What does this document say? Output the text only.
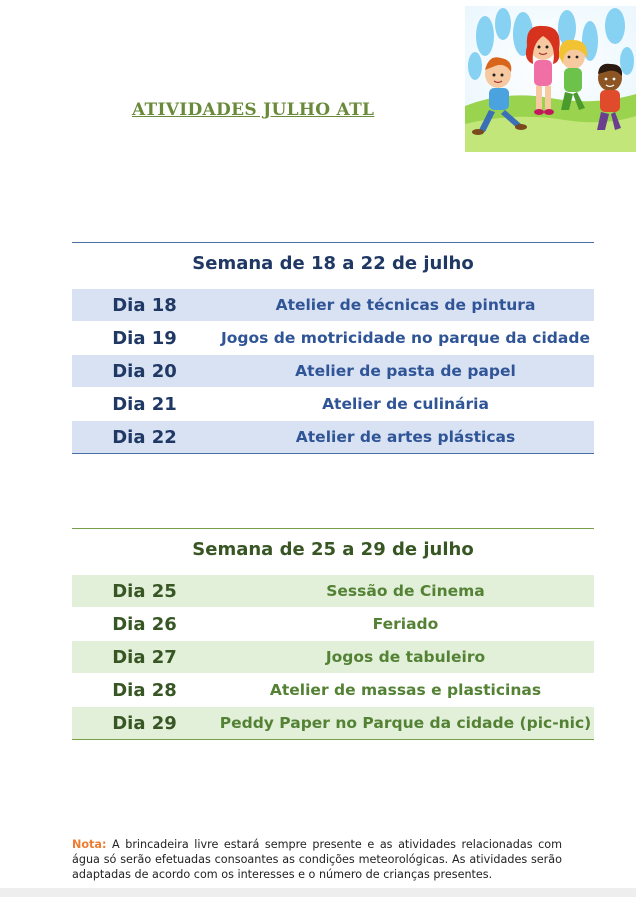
ATIVIDADES JULHO ATL
Semana de 18 a 22 de julho
Dia 18	Atelier de técnicas de pintura
Dia 19	Jogos de motricidade no parque da cidade
Dia 20	Atelier de pasta de papel
Dia 21	Atelier de culinária
Dia 22	Atelier de artes plásticas
Semana de 25 a 29 de julho
Dia 25	Sessão de Cinema
Dia 26	Feriado
Dia 27	Jogos de tabuleiro
Dia 28	Atelier de massas e plasticinas
Dia 29	Peddy Paper no Parque da cidade (pic-nic)
Nota: A brincadeira livre estará sempre presente e as atividades relacionadas com água só serão efetuadas consoantes as condições meteorológicas. As atividades serão adaptadas de acordo com os interesses e o número de crianças presentes.
